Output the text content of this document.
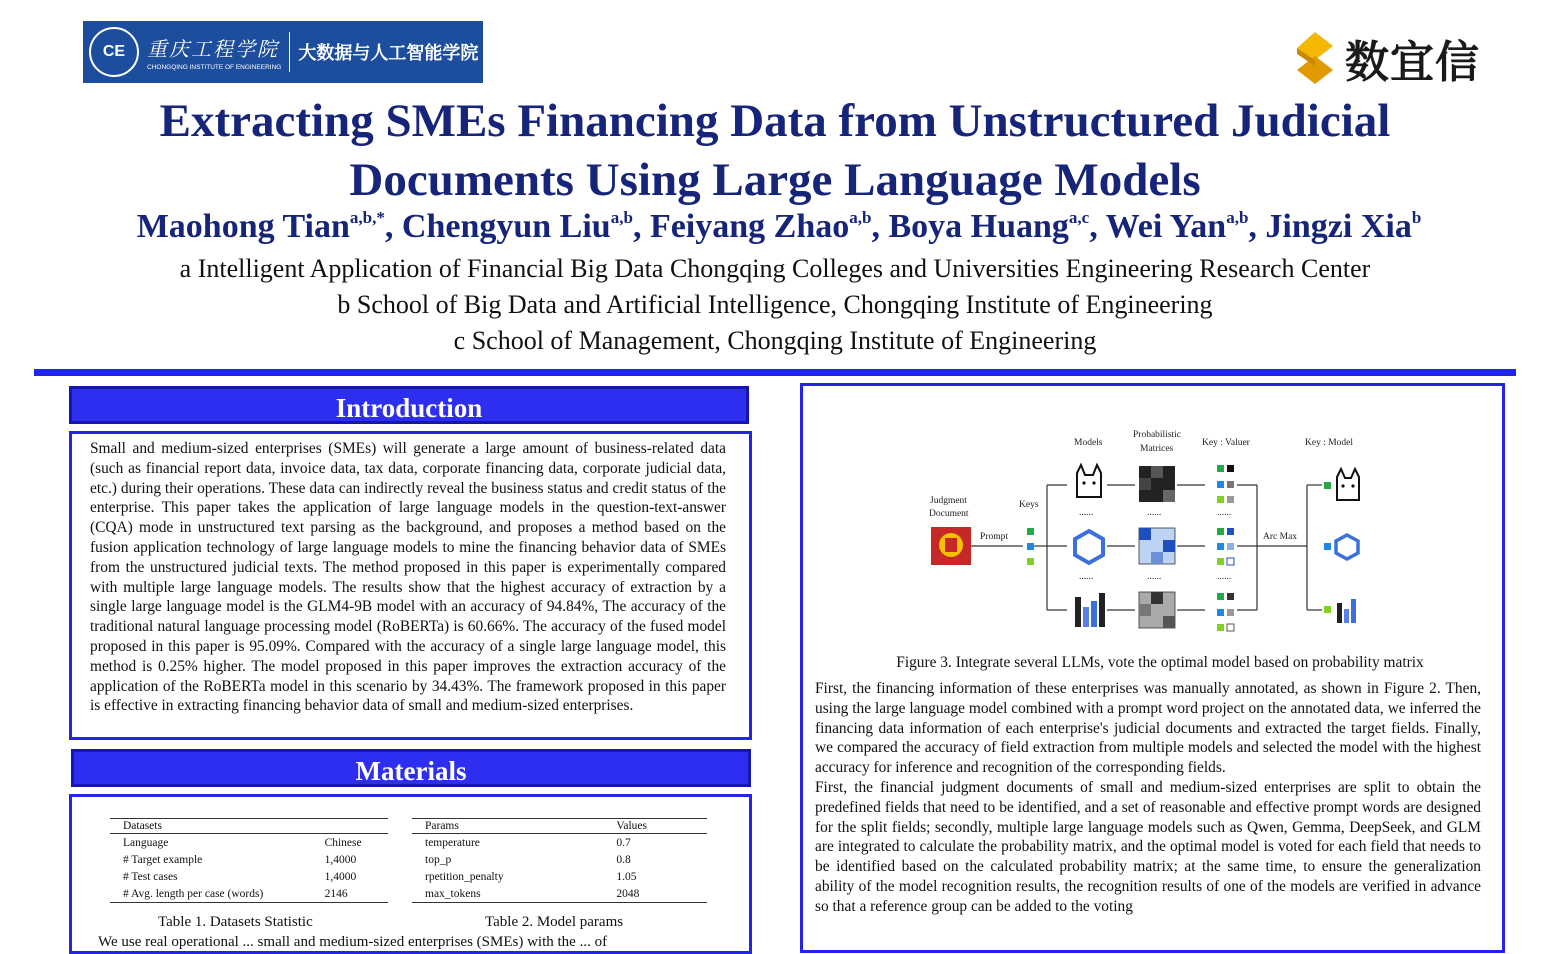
CE	重庆工程学院
CHONGQING INSTITUTE OF ENGINEERING
大数据与人工智能学院	数宜信
Extracting SMEs Financing Data from Unstructured Judicial
Documents Using Large Language Models
Maohong Tian$^{a,b,*}$, Chengyun Liu$^{a,b}$, Feiyang Zhao$^{a,b}$, Boya Huang$^{a,c}$, Wei Yan$^{a,b}$, Jingzi Xia$^b$
a Intelligent Application of Financial Big Data Chongqing Colleges and Universities Engineering Research Center
b School of Big Data and Artificial Intelligence, Chongqing Institute of Engineering
c School of Management, Chongqing Institute of Engineering
Introduction
Small and medium-sized enterprises (SMEs) will generate a large amount of business-related data (such as financial report data, invoice data, tax data, corporate financing data, corporate judicial data, etc.) during their operations. These data can indirectly reveal the business status and credit status of the enterprise. This paper takes the application of large language models in the question-text-answer (CQA) mode in unstructured text parsing as the background, and proposes a method based on the fusion application technology of large language models to mine the financing behavior data of SMEs from the unstructured judicial texts. The method proposed in this paper is experimentally compared with multiple large language models. The results show that the highest accuracy of extraction by a single large language model is the GLM4-9B model with an accuracy of 94.84%, The accuracy of the traditional natural language processing model (RoBERTa) is 60.66%. The accuracy of the fused model proposed in this paper is 95.09%. Compared with the accuracy of a single large language model, this method is 0.25% higher. The model proposed in this paper improves the extraction accuracy of the application of the RoBERTa model in this scenario by 34.43%. The framework proposed in this paper is effective in extracting financing behavior data of small and medium-sized enterprises.
Materials
Datasets	
Language	Chinese
# Target example	1,4000
# Test cases	1,4000
# Avg. length per case (words)	2146
Table 1. Datasets Statistic
Params	Values
temperature	0.7
top_p	0.8
rpetition_penalty	1.05
max_tokens	2048
Table 2. Model params
We use real operational ... small and medium-sized enterprises (SMEs) with the ... of
Models
Probabilistic
Matrices
Key : Valuer	Key : Model
Judgment
Document
Keys
Prompt	Arc Max
......
......
......
......
......
......
Figure 3. Integrate several LLMs, vote the optimal model based on probability matrix

First, the financing information of these enterprises was manually annotated, as shown in Figure 2. Then, using the large language model combined with a prompt word project on the annotated data, we inferred the financing data information of each enterprise's judicial documents and extracted the target fields. Finally, we compared the accuracy of field extraction from multiple models and selected the model with the highest accuracy for inference and recognition of the corresponding fields.

First, the financial judgment documents of small and medium-sized enterprises are split to obtain the predefined fields that need to be identified, and a set of reasonable and effective prompt words are designed for the split fields; secondly, multiple large language models such as Qwen, Gemma, DeepSeek, and GLM are integrated to calculate the probability matrix, and the optimal model is voted for each field that needs to be identified based on the calculated probability matrix; at the same time, to ensure the generalization ability of the model recognition results, the recognition results of one of the models are verified in advance so that a reference group can be added to the voting
